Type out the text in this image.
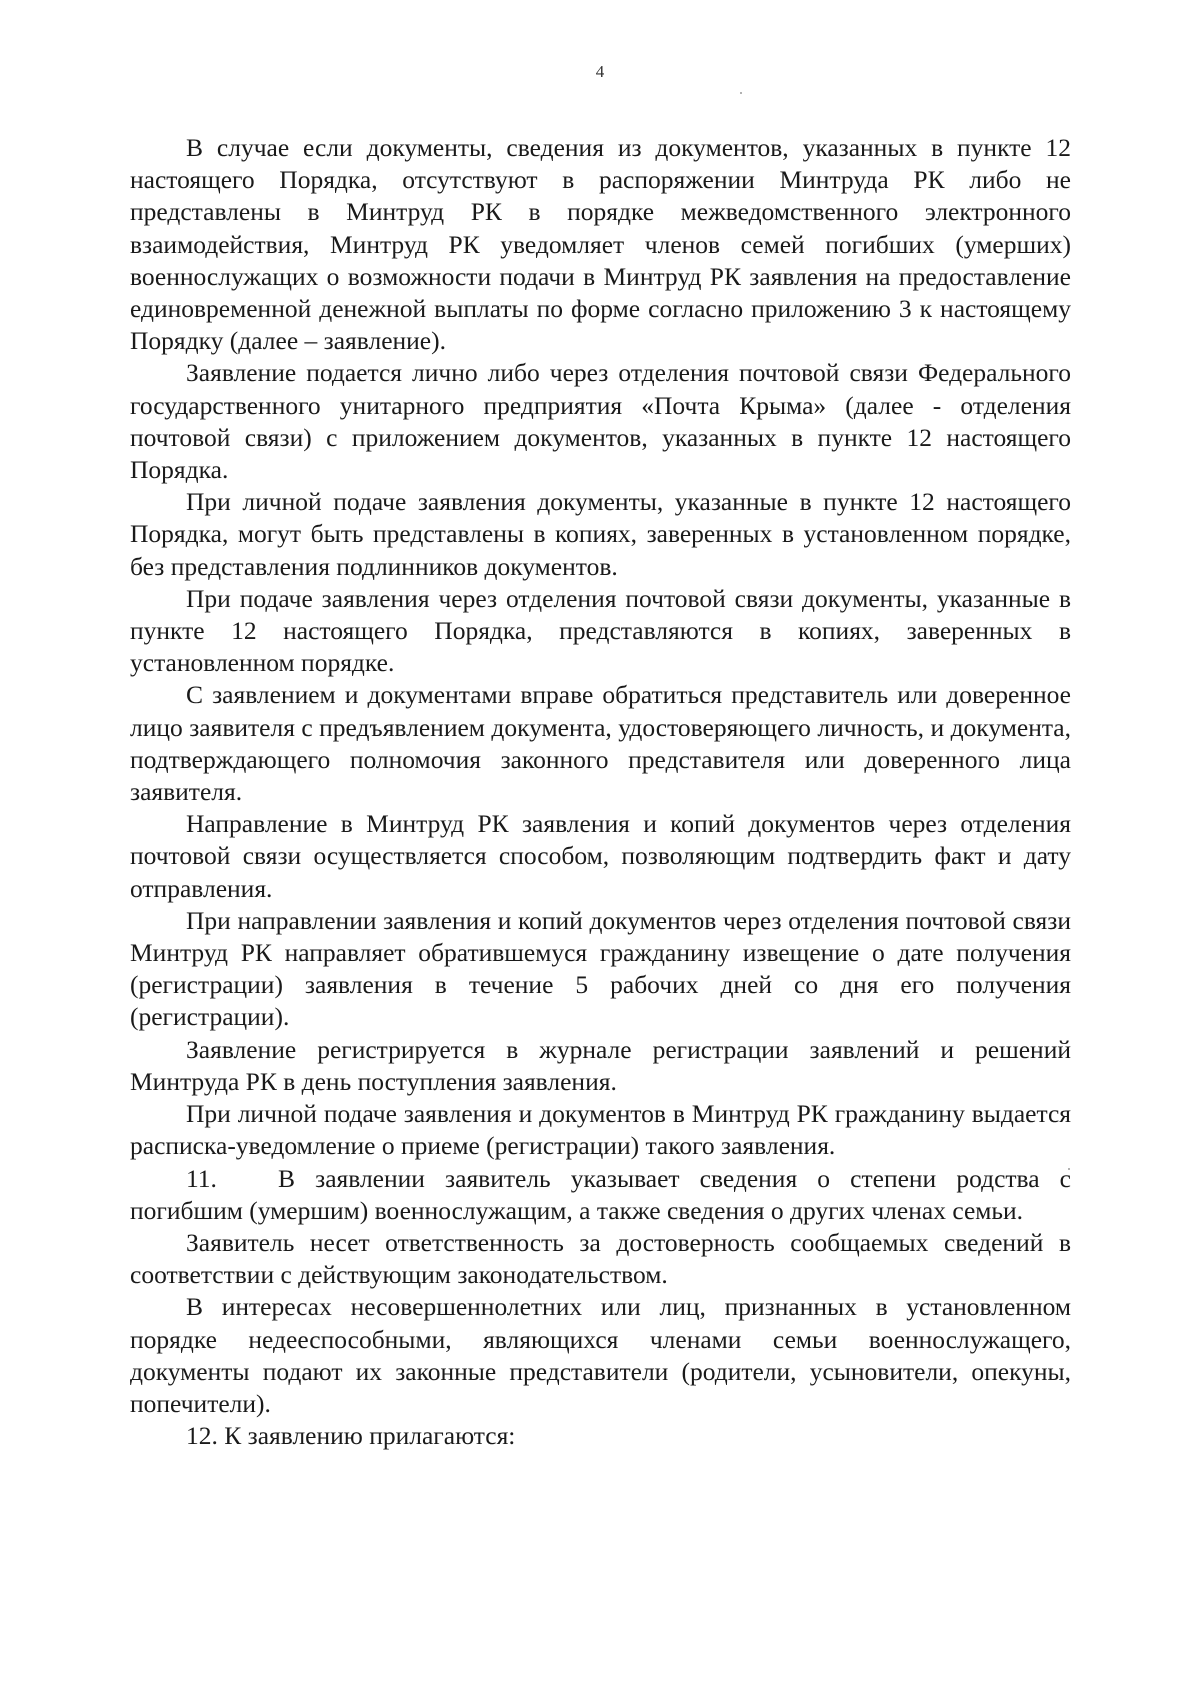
4

В случае если документы, сведения из документов, указанных в пункте 12 настоящего Порядка, отсутствуют в распоряжении Минтруда РК либо не представлены в Минтруд РК в порядке межведомственного электронного взаимодействия, Минтруд РК уведомляет членов семей погибших (умерших) военнослужащих о возможности подачи в Минтруд РК заявления на предоставление единовременной денежной выплаты по форме согласно приложению 3 к настоящему Порядку (далее – заявление).

Заявление подается лично либо через отделения почтовой связи Федерального государственного унитарного предприятия «Почта Крыма» (далее - отделения почтовой связи) с приложением документов, указанных в пункте 12 настоящего Порядка.

При личной подаче заявления документы, указанные в пункте 12 настоящего Порядка, могут быть представлены в копиях, заверенных в установленном порядке, без представления подлинников документов.

При подаче заявления через отделения почтовой связи документы, указанные в пункте 12 настоящего Порядка, представляются в копиях, заверенных в установленном порядке.

С заявлением и документами вправе обратиться представитель или доверенное лицо заявителя с предъявлением документа, удостоверяющего личность, и документа, подтверждающего полномочия законного представителя или доверенного лица заявителя.

Направление в Минтруд РК заявления и копий документов через отделения почтовой связи осуществляется способом, позволяющим подтвердить факт и дату отправления.

При направлении заявления и копий документов через отделения почтовой связи Минтруд РК направляет обратившемуся гражданину извещение о дате получения (регистрации) заявления в течение 5 рабочих дней со дня его получения (регистрации).

Заявление регистрируется в журнале регистрации заявлений и решений Минтруда РК в день поступления заявления.

При личной подаче заявления и документов в Минтруд РК гражданину выдается расписка-уведомление о приеме (регистрации) такого заявления.

11. В заявлении заявитель указывает сведения о степени родства с погибшим (умершим) военнослужащим, а также сведения о других членах семьи.

Заявитель несет ответственность за достоверность сообщаемых сведений в соответствии с действующим законодательством.

В интересах несовершеннолетних или лиц, признанных в установленном порядке недееспособными, являющихся членами семьи военнослужащего, документы подают их законные представители (родители, усыновители, опекуны, попечители).

12. К заявлению прилагаются:
